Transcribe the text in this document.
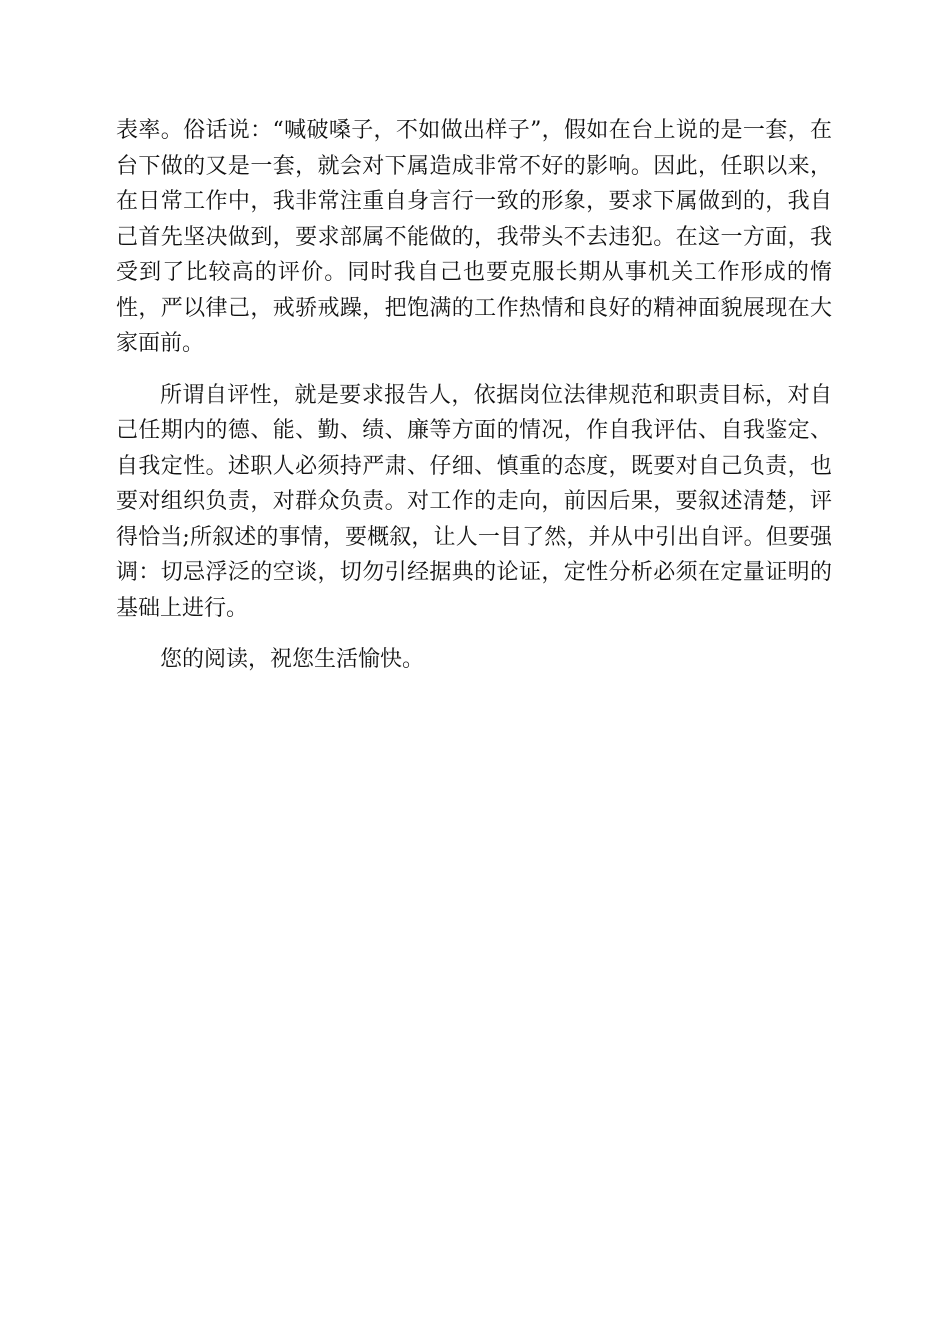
表率。俗话说：“喊破嗓子，不如做出样子”，假如在台上说的是一套，在台下做的又是一套，就会对下属造成非常不好的影响。因此，任职以来，在日常工作中，我非常注重自身言行一致的形象，要求下属做到的，我自己首先坚决做到，要求部属不能做的，我带头不去违犯。在这一方面，我受到了比较高的评价。同时我自己也要克服长期从事机关工作形成的惰性，严以律己，戒骄戒躁，把饱满的工作热情和良好的精神面貌展现在大家面前。

所谓自评性，就是要求报告人，依据岗位法律规范和职责目标，对自己任期内的德、能、勤、绩、廉等方面的情况，作自我评估、自我鉴定、自我定性。述职人必须持严肃、仔细、慎重的态度，既要对自己负责，也要对组织负责，对群众负责。对工作的走向，前因后果，要叙述清楚，评得恰当;所叙述的事情，要概叙，让人一目了然，并从中引出自评。但要强调：切忌浮泛的空谈，切勿引经据典的论证，定性分析必须在定量证明的基础上进行。

您的阅读，祝您生活愉快。
